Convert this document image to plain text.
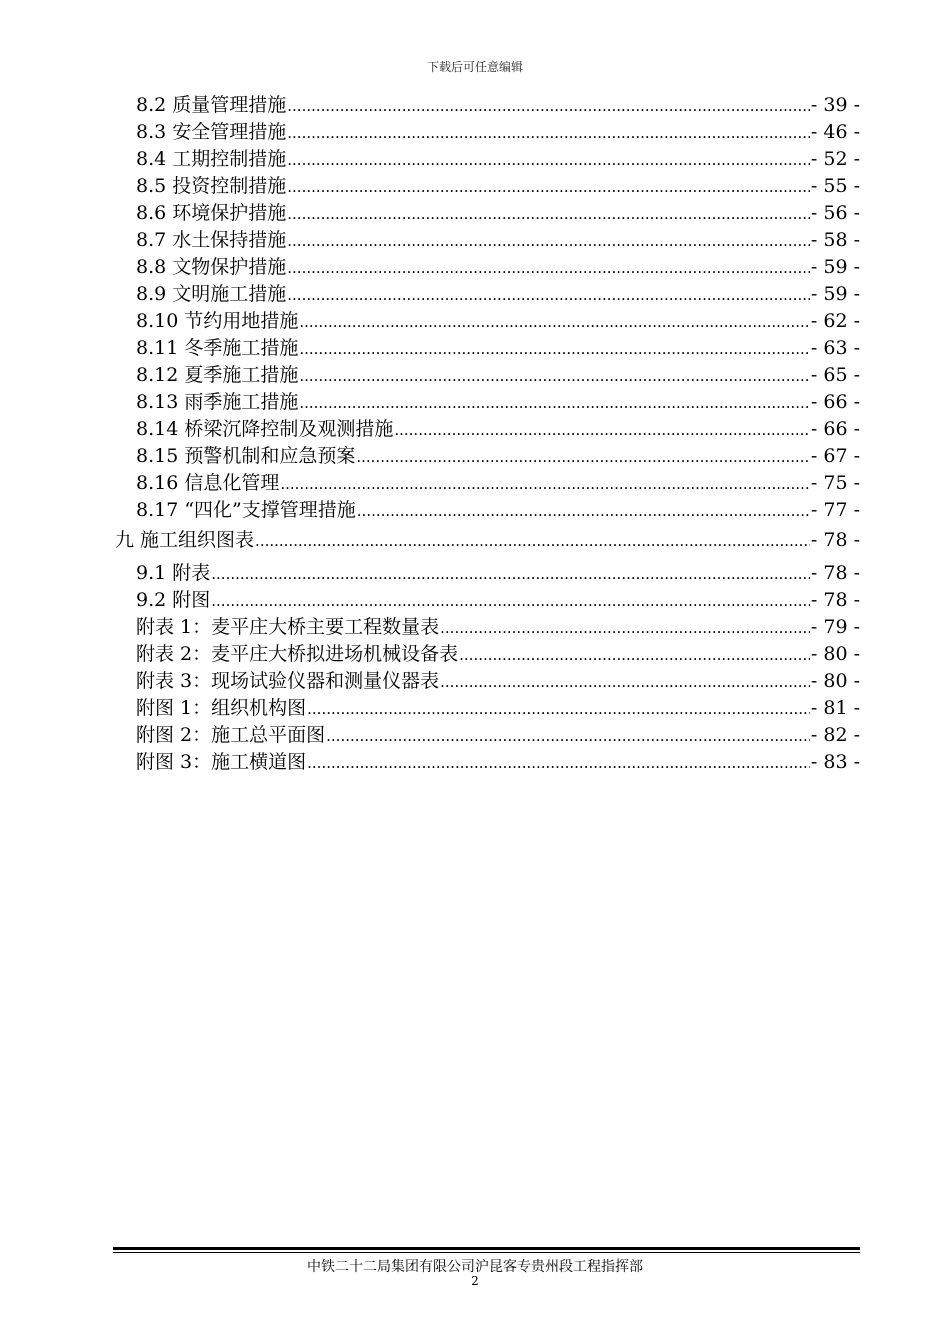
下载后可任意编辑
8.2 质量管理措施 .....	- 39 -
8.3 安全管理措施 .....	- 46 -
8.4 工期控制措施 .....	- 52 -
8.5 投资控制措施 .....	- 55 -
8.6 环境保护措施 .....	- 56 -
8.7 水土保持措施 .....	- 58 -
8.8 文物保护措施 .....	- 59 -
8.9 文明施工措施 .....	- 59 -
8.10 节约用地措施 .....	- 62 -
8.11 冬季施工措施 .....	- 63 -
8.12 夏季施工措施 .....	- 65 -
8.13 雨季施工措施 .....	- 66 -
8.14 桥梁沉降控制及观测措施 .....	- 66 -
8.15 预警机制和应急预案 .....	- 67 -
8.16 信息化管理 .....	- 75 -
8.17 “四化”支撑管理措施 .....	- 77 -
九 施工组织图表 .....	- 78 -
9.1 附表 .....	- 78 -
9.2 附图 .....	- 78 -
附表 1：麦平庄大桥主要工程数量表 .....	- 79 -
附表 2：麦平庄大桥拟进场机械设备表 .....	- 80 -
附表 3：现场试验仪器和测量仪器表 .....	- 80 -
附图 1：组织机构图 .....	- 81 -
附图 2：施工总平面图 .....	- 82 -
附图 3：施工横道图 .....	- 83 -
中铁二十二局集团有限公司沪昆客专贵州段工程指挥部
2
